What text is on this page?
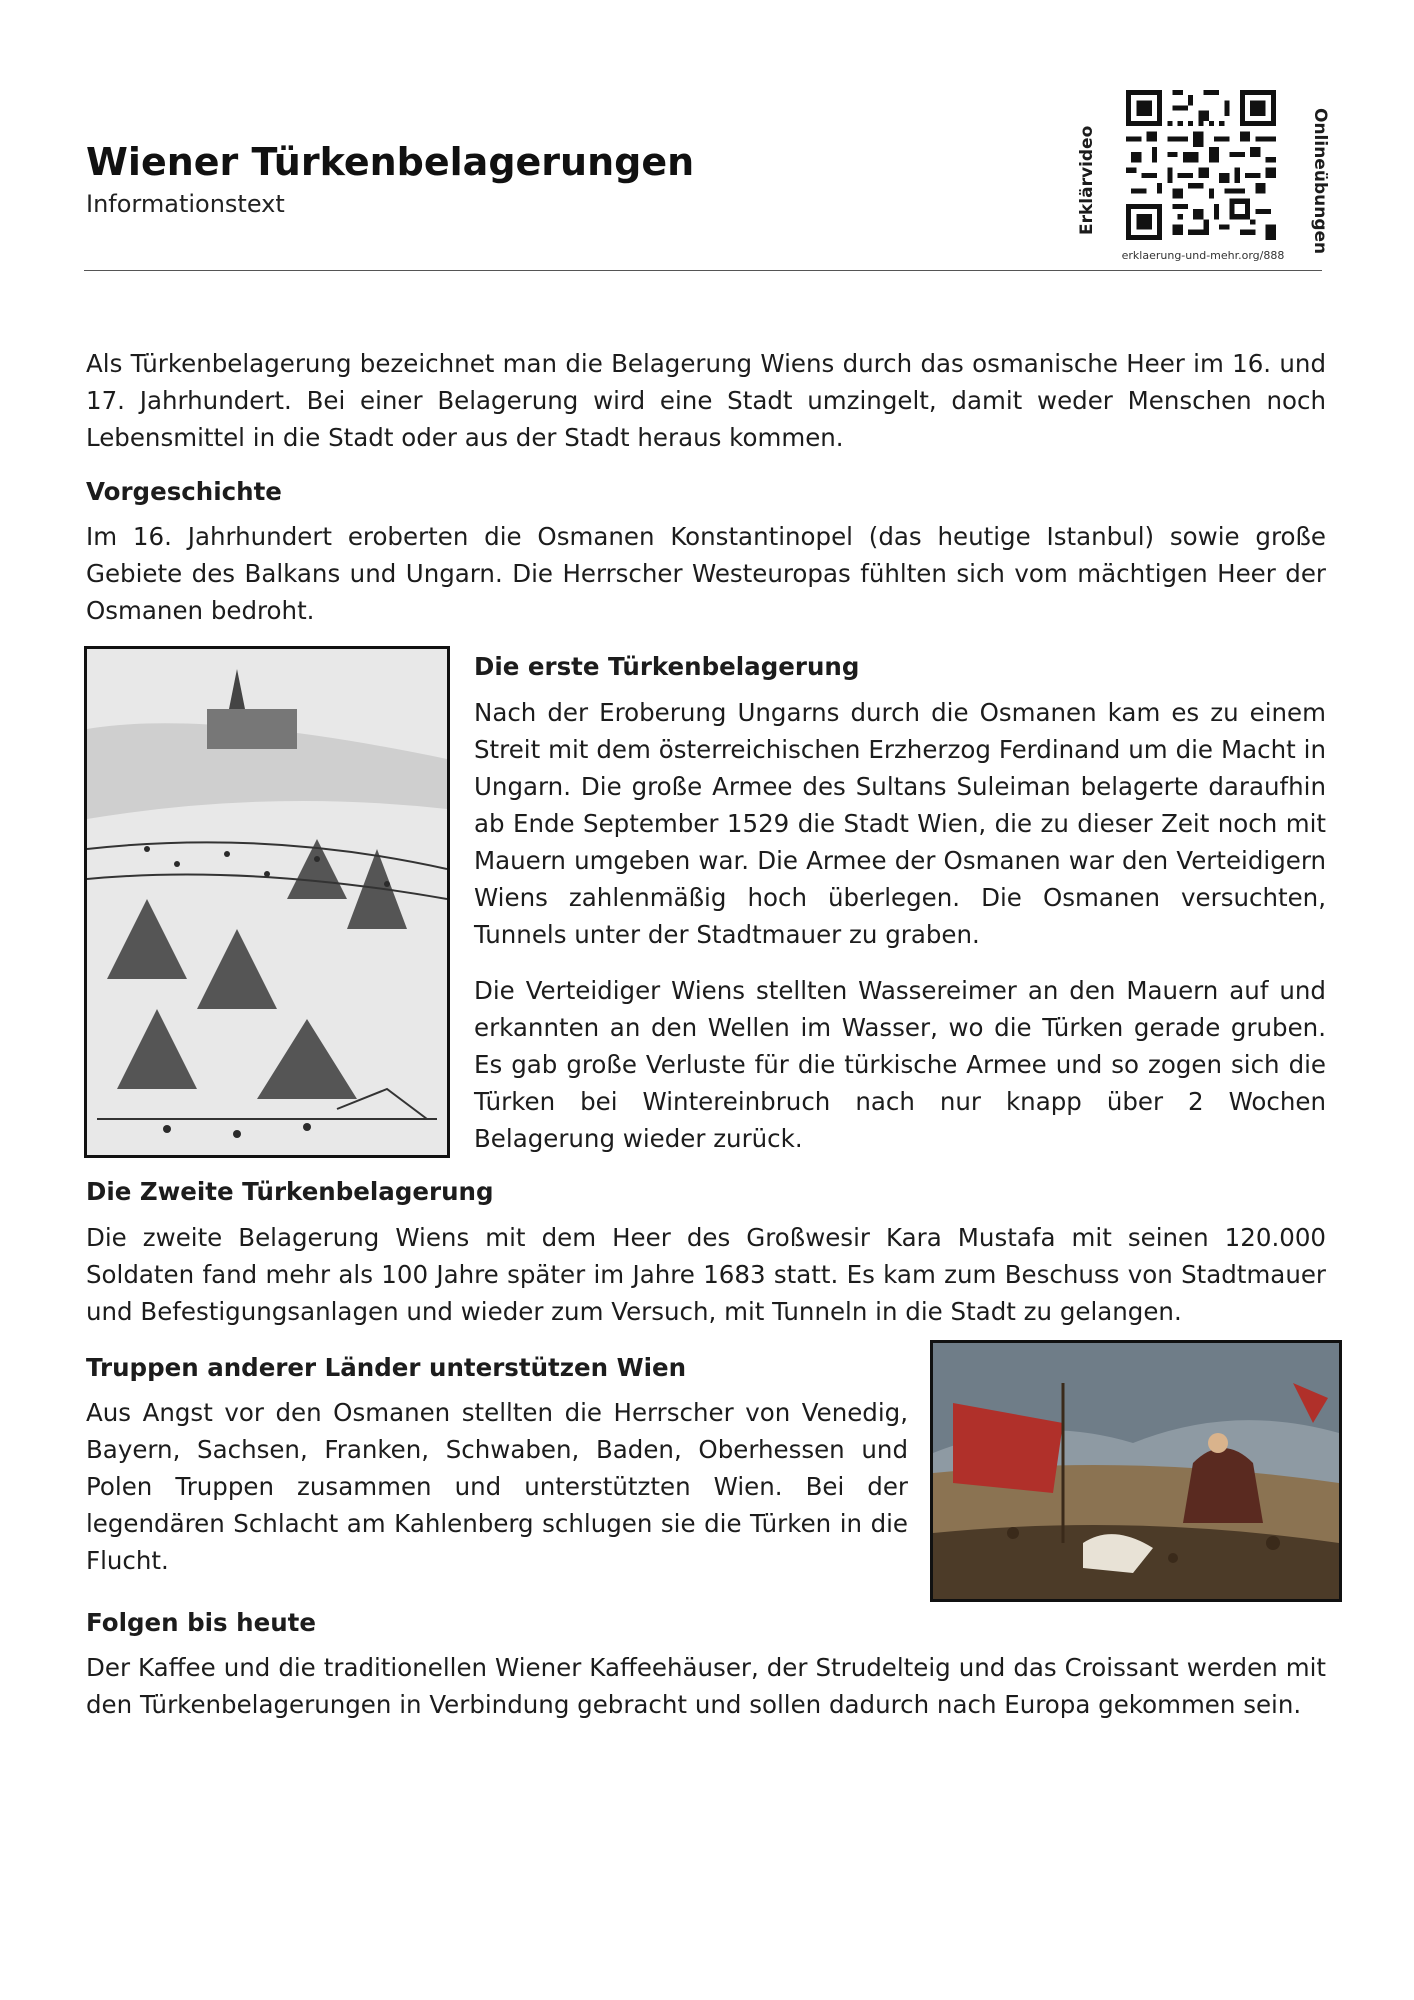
Wiener Türkenbelagerungen
Informationstext	Erklärvideo	Onlineübungen
erklaerung-und-mehr.org/888

Als Türkenbelagerung bezeichnet man die Belagerung Wiens durch das osmanische Heer im 16. und 17. Jahrhundert. Bei einer Belagerung wird eine Stadt umzingelt, damit weder Menschen noch Lebensmittel in die Stadt oder aus der Stadt heraus kommen.

Vorgeschichte

Im 16. Jahrhundert eroberten die Osmanen Konstantinopel (das heutige Istanbul) sowie große Gebiete des Balkans und Ungarn. Die Herrscher Westeuropas fühlten sich vom mächtigen Heer der Osmanen bedroht.

Die erste Türkenbelagerung

Nach der Eroberung Ungarns durch die Osmanen kam es zu einem Streit mit dem österreichischen Erzherzog Ferdinand um die Macht in Ungarn. Die große Armee des Sultans Suleiman belagerte daraufhin ab Ende September 1529 die Stadt Wien, die zu dieser Zeit noch mit Mauern umgeben war. Die Armee der Osmanen war den Verteidigern Wiens zahlenmäßig hoch überlegen. Die Osmanen versuchten, Tunnels unter der Stadtmauer zu graben.

Die Verteidiger Wiens stellten Wassereimer an den Mauern auf und erkannten an den Wellen im Wasser, wo die Türken gerade gruben. Es gab große Verluste für die türkische Armee und so zogen sich die Türken bei Wintereinbruch nach nur knapp über 2 Wochen Belagerung wieder zurück.

Die Zweite Türkenbelagerung

Die zweite Belagerung Wiens mit dem Heer des Großwesir Kara Mustafa mit seinen 120.000 Soldaten fand mehr als 100 Jahre später im Jahre 1683 statt. Es kam zum Beschuss von Stadtmauer und Befestigungsanlagen und wieder zum Versuch, mit Tunneln in die Stadt zu gelangen.

Truppen anderer Länder unterstützen Wien

Aus Angst vor den Osmanen stellten die Herrscher von Venedig, Bayern, Sachsen, Franken, Schwaben, Baden, Oberhessen und Polen Truppen zusammen und unterstützten Wien. Bei der legendären Schlacht am Kahlenberg schlugen sie die Türken in die Flucht.

Folgen bis heute

Der Kaffee und die traditionellen Wiener Kaffeehäuser, der Strudelteig und das Croissant werden mit den Türkenbelagerungen in Verbindung gebracht und sollen dadurch nach Europa gekommen sein.
